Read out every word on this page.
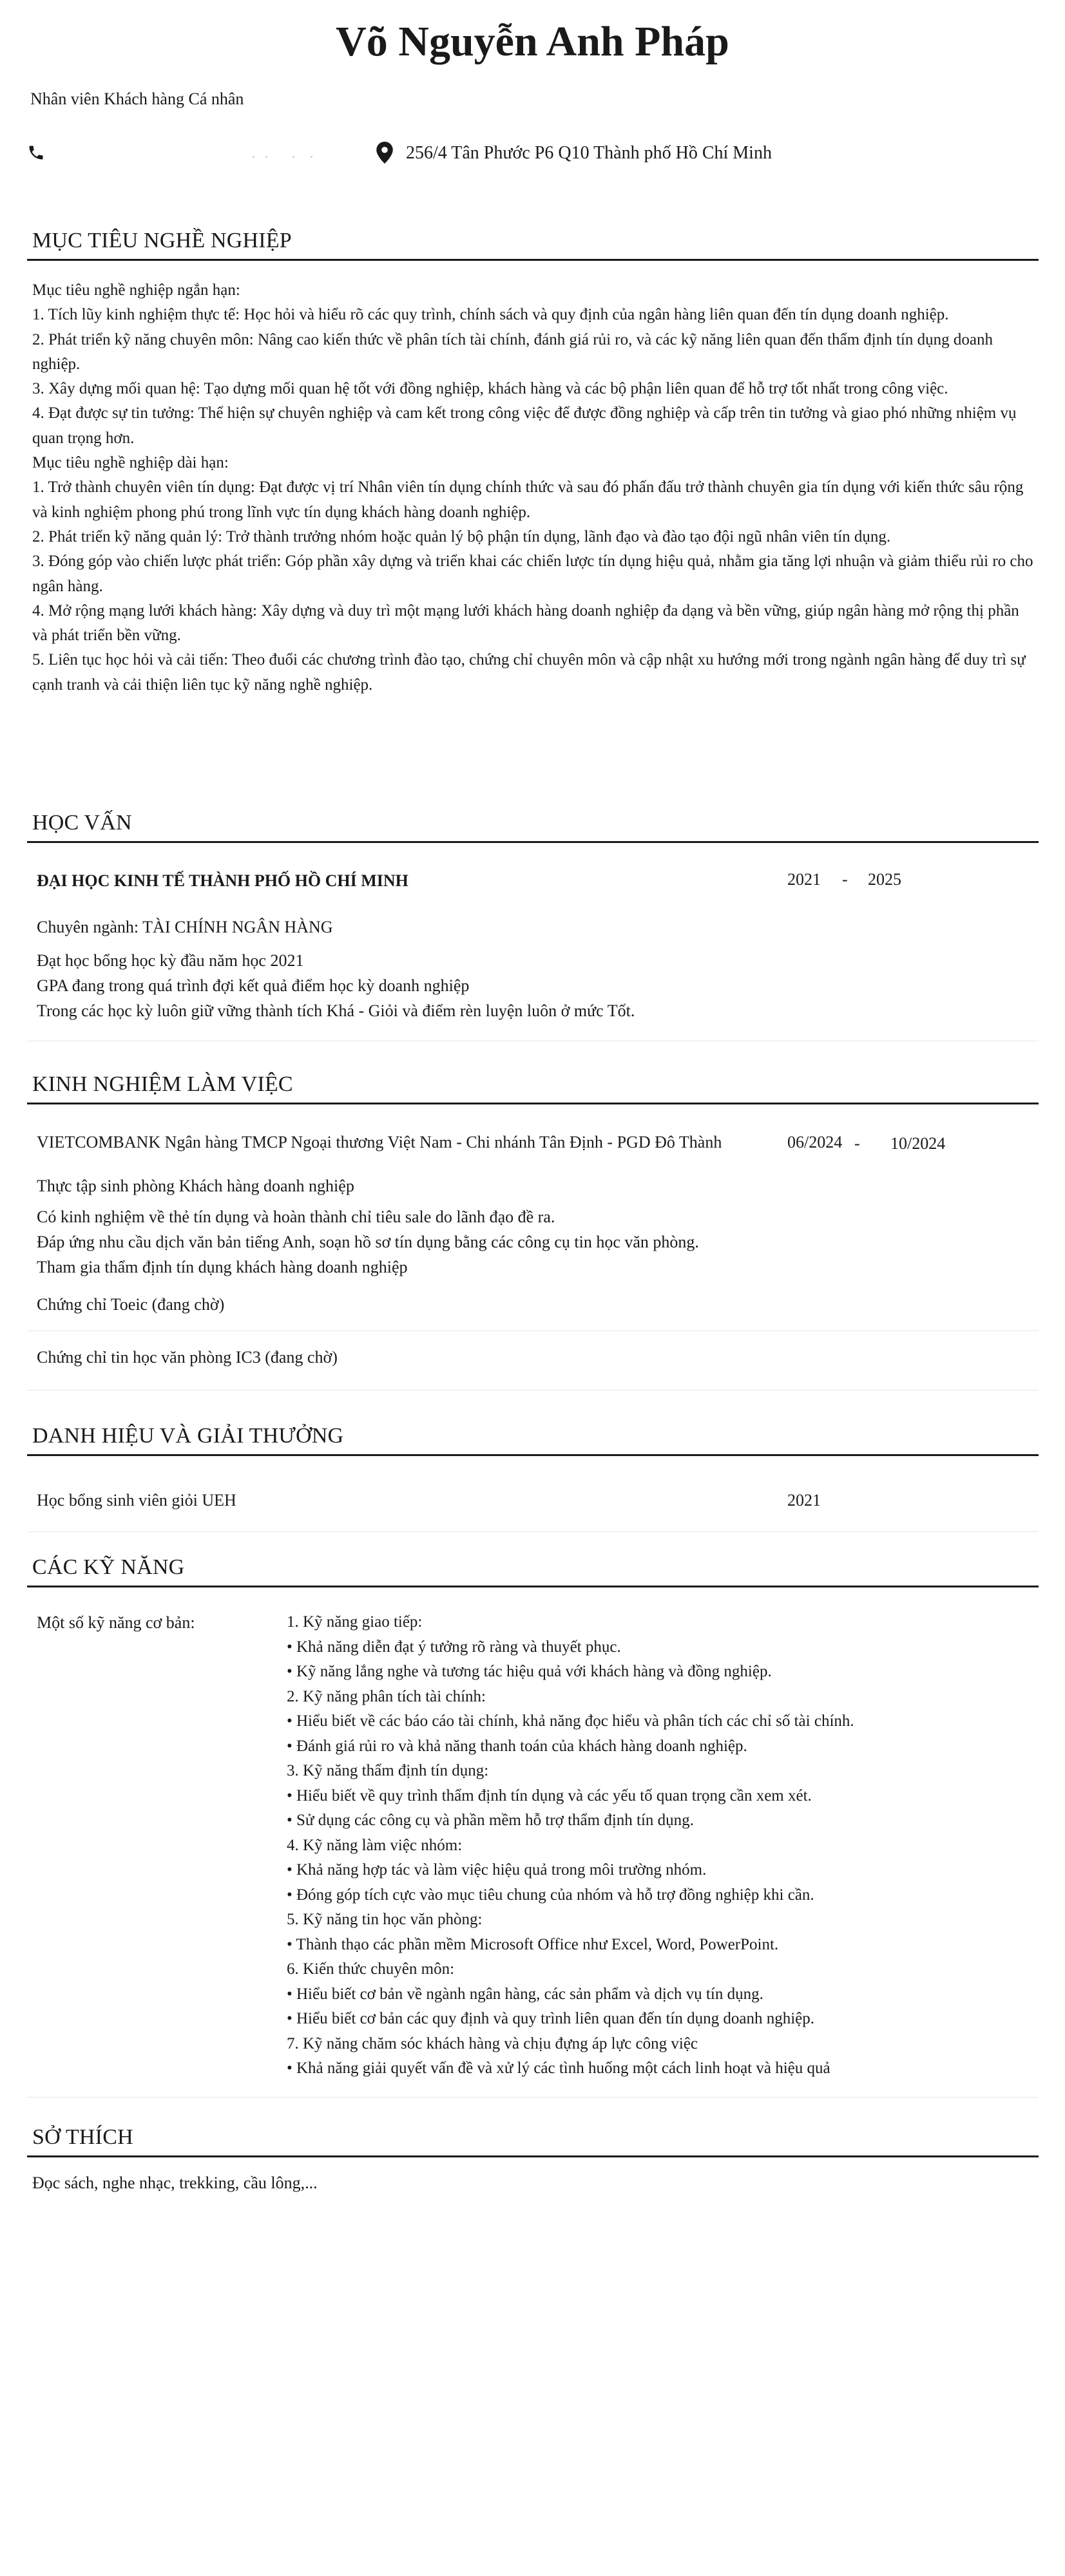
Võ Nguyễn Anh Pháp
Nhân viên Khách hàng Cá nhân
256/4 Tân Phước P6 Q10 Thành phố Hồ Chí Minh
MỤC TIÊU NGHỀ NGHIỆP

Mục tiêu nghề nghiệp ngắn hạn:

1. Tích lũy kinh nghiệm thực tế: Học hỏi và hiểu rõ các quy trình, chính sách và quy định của ngân hàng liên quan đến tín dụng doanh nghiệp.

2. Phát triển kỹ năng chuyên môn: Nâng cao kiến thức về phân tích tài chính, đánh giá rủi ro, và các kỹ năng liên quan đến thẩm định tín dụng doanh nghiệp.

3. Xây dựng mối quan hệ: Tạo dựng mối quan hệ tốt với đồng nghiệp, khách hàng và các bộ phận liên quan để hỗ trợ tốt nhất trong công việc.

4. Đạt được sự tin tưởng: Thể hiện sự chuyên nghiệp và cam kết trong công việc để được đồng nghiệp và cấp trên tin tưởng và giao phó những nhiệm vụ quan trọng hơn.

Mục tiêu nghề nghiệp dài hạn:

1. Trở thành chuyên viên tín dụng: Đạt được vị trí Nhân viên tín dụng chính thức và sau đó phấn đấu trở thành chuyên gia tín dụng với kiến thức sâu rộng và kinh nghiệm phong phú trong lĩnh vực tín dụng khách hàng doanh nghiệp.

2. Phát triển kỹ năng quản lý: Trở thành trưởng nhóm hoặc quản lý bộ phận tín dụng, lãnh đạo và đào tạo đội ngũ nhân viên tín dụng.

3. Đóng góp vào chiến lược phát triển: Góp phần xây dựng và triển khai các chiến lược tín dụng hiệu quả, nhằm gia tăng lợi nhuận và giảm thiểu rủi ro cho ngân hàng.

4. Mở rộng mạng lưới khách hàng: Xây dựng và duy trì một mạng lưới khách hàng doanh nghiệp đa dạng và bền vững, giúp ngân hàng mở rộng thị phần và phát triển bền vững.

5. Liên tục học hỏi và cải tiến: Theo đuổi các chương trình đào tạo, chứng chỉ chuyên môn và cập nhật xu hướng mới trong ngành ngân hàng để duy trì sự cạnh tranh và cải thiện liên tục kỹ năng nghề nghiệp.

HỌC VẤN
ĐẠI HỌC KINH TẾ THÀNH PHỐ HỒ CHÍ MINH	2021 - 2025
Chuyên ngành: TÀI CHÍNH NGÂN HÀNG
Đạt học bổng học kỳ đầu năm học 2021
GPA đang trong quá trình đợi kết quả điểm học kỳ doanh nghiệp
Trong các học kỳ luôn giữ vững thành tích Khá - Giỏi và điểm rèn luyện luôn ở mức Tốt.
KINH NGHIỆM LÀM VIỆC
VIETCOMBANK Ngân hàng TMCP Ngoại thương Việt Nam - Chi nhánh Tân Định - PGD Đô Thành	06/2024 - 10/2024
Thực tập sinh phòng Khách hàng doanh nghiệp
Có kinh nghiệm về thẻ tín dụng và hoàn thành chỉ tiêu sale do lãnh đạo đề ra.
Đáp ứng nhu cầu dịch văn bản tiếng Anh, soạn hồ sơ tín dụng bằng các công cụ tin học văn phòng.
Tham gia thẩm định tín dụng khách hàng doanh nghiệp
Chứng chỉ Toeic (đang chờ)
Chứng chỉ tin học văn phòng IC3 (đang chờ)
DANH HIỆU VÀ GIẢI THƯỞNG
Học bổng sinh viên giỏi UEH	2021
CÁC KỸ NĂNG
Một số kỹ năng cơ bản:	1. Kỹ năng giao tiếp:

• Khả năng diễn đạt ý tưởng rõ ràng và thuyết phục.

• Kỹ năng lắng nghe và tương tác hiệu quả với khách hàng và đồng nghiệp.

2. Kỹ năng phân tích tài chính:

• Hiểu biết về các báo cáo tài chính, khả năng đọc hiểu và phân tích các chỉ số tài chính.

• Đánh giá rủi ro và khả năng thanh toán của khách hàng doanh nghiệp.

3. Kỹ năng thẩm định tín dụng:

• Hiểu biết về quy trình thẩm định tín dụng và các yếu tố quan trọng cần xem xét.

• Sử dụng các công cụ và phần mềm hỗ trợ thẩm định tín dụng.

4. Kỹ năng làm việc nhóm:

• Khả năng hợp tác và làm việc hiệu quả trong môi trường nhóm.

• Đóng góp tích cực vào mục tiêu chung của nhóm và hỗ trợ đồng nghiệp khi cần.

5. Kỹ năng tin học văn phòng:

• Thành thạo các phần mềm Microsoft Office như Excel, Word, PowerPoint.

6. Kiến thức chuyên môn:

• Hiểu biết cơ bản về ngành ngân hàng, các sản phẩm và dịch vụ tín dụng.

• Hiểu biết cơ bản các quy định và quy trình liên quan đến tín dụng doanh nghiệp.

7. Kỹ năng chăm sóc khách hàng và chịu đựng áp lực công việc

• Khả năng giải quyết vấn đề và xử lý các tình huống một cách linh hoạt và hiệu quả

SỞ THÍCH
Đọc sách, nghe nhạc, trekking, cầu lông,...
